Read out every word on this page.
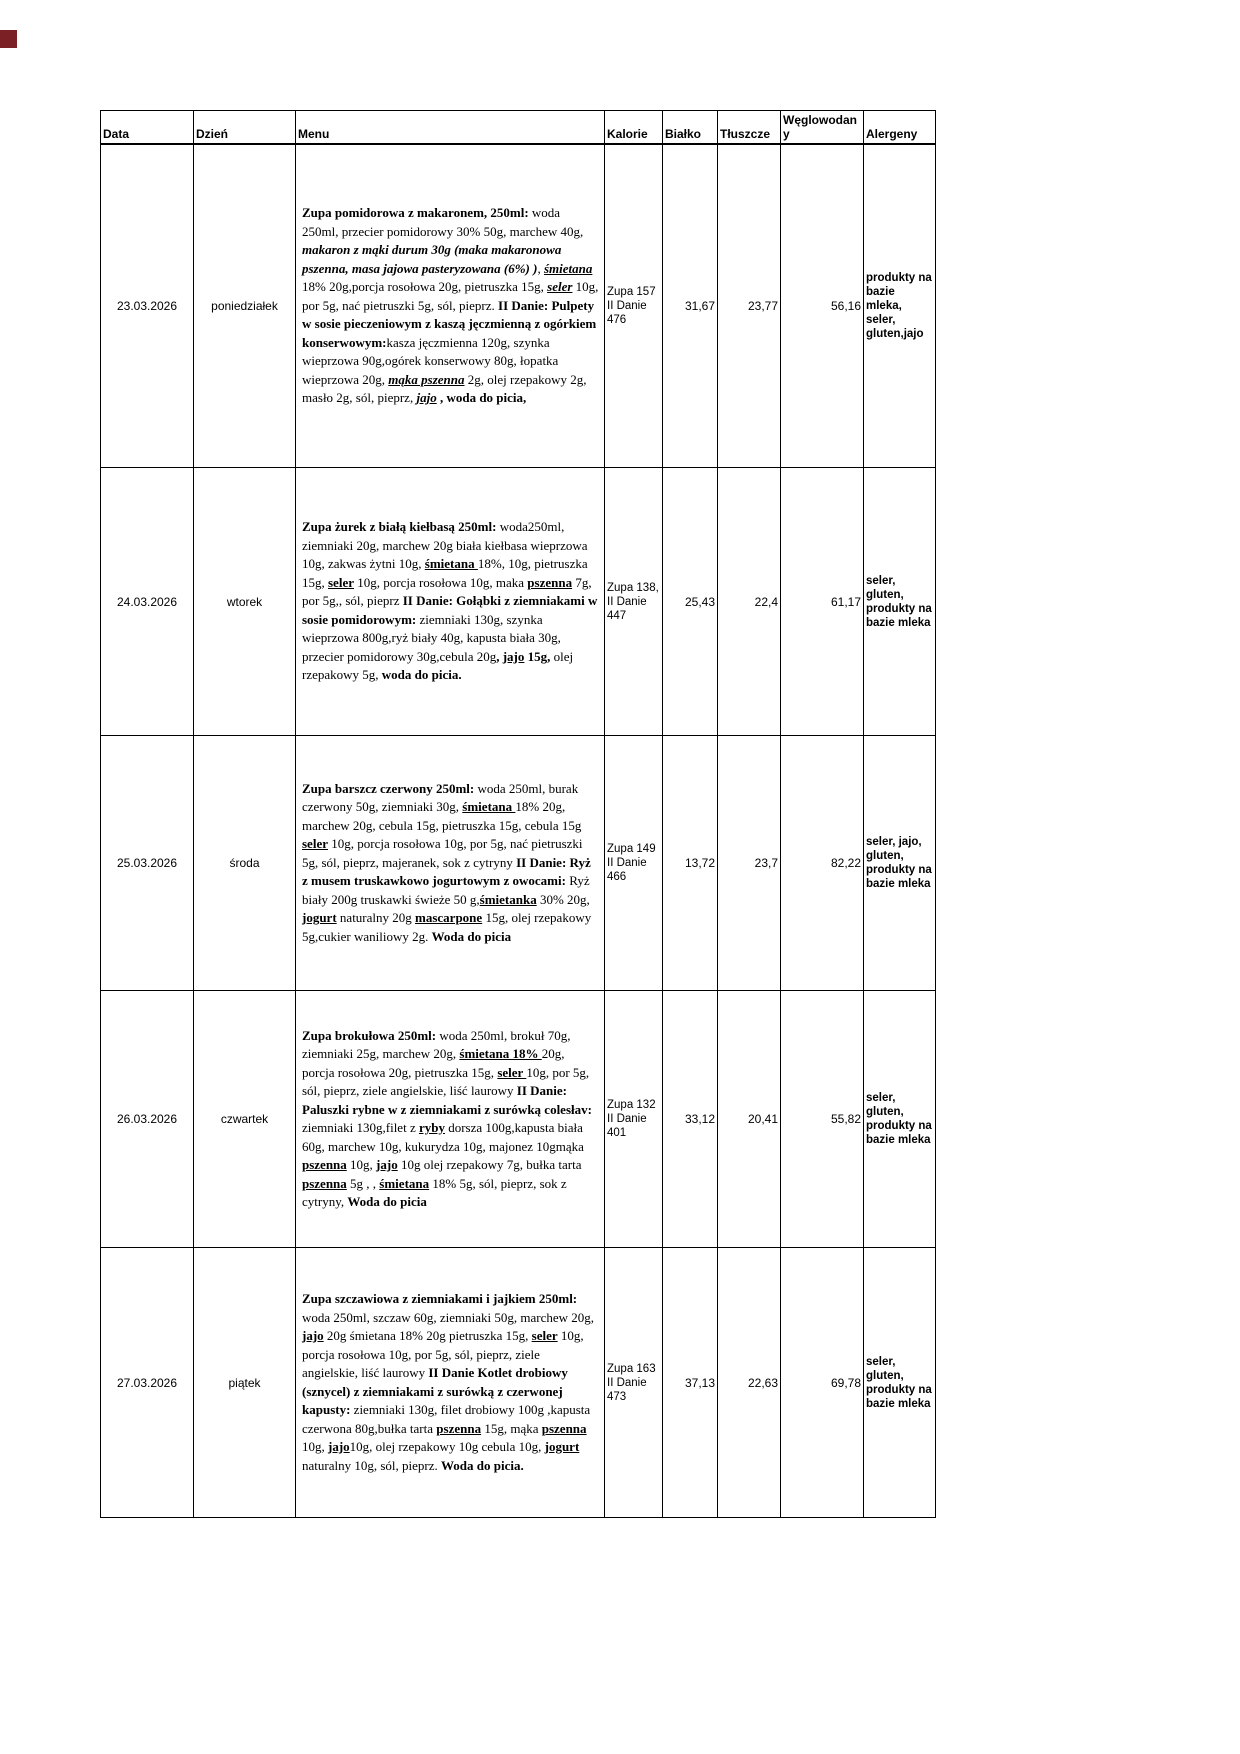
Data	Dzień	Menu	Kalorie	Białko	Tłuszcze	Węglowodany	Alergeny
23.03.2026	poniedziałek	Zupa pomidorowa z makaronem, 250ml: woda 250ml, przecier pomidorowy 30% 50g, marchew 40g, makaron z mąki durum 30g (maka makaronowa pszenna, masa jajowa pasteryzowana (6%) ), śmietana 18% 20g,porcja rosołowa 20g, pietruszka 15g, seler 10g, por 5g, nać pietruszki 5g, sól, pieprz. II Danie: Pulpety w sosie pieczeniowym z kaszą jęczmienną z ogórkiem konserwowym:kasza jęczmienna 120g, szynka wieprzowa 90g,ogórek konserwowy 80g, łopatka wieprzowa 20g, mąka pszenna 2g, olej rzepakowy 2g, masło 2g, sól, pieprz, jajo , woda do picia,	Zupa 157 II Danie 476	31,67	23,77	56,16	produkty na bazie mleka, seler, gluten,jajo
24.03.2026	wtorek	Zupa żurek z białą kiełbasą 250ml: woda250ml, ziemniaki 20g, marchew 20g biała kiełbasa wieprzowa 10g, zakwas żytni 10g, śmietana 18%, 10g, pietruszka 15g, seler 10g, porcja rosołowa 10g, maka pszenna 7g, por 5g,, sól, pieprz II Danie: Gołąbki z ziemniakami w sosie pomidorowym: ziemniaki 130g, szynka wieprzowa 800g,ryż biały 40g, kapusta biała 30g, przecier pomidorowy 30g,cebula 20g, jajo 15g, olej rzepakowy 5g, woda do picia.	Zupa 138, II Danie 447	25,43	22,4	61,17	seler, gluten, produkty na bazie mleka
25.03.2026	środa	Zupa barszcz czerwony 250ml: woda 250ml, burak czerwony 50g, ziemniaki 30g, śmietana 18% 20g, marchew 20g, cebula 15g, pietruszka 15g, cebula 15g seler 10g, porcja rosołowa 10g, por 5g, nać pietruszki 5g, sól, pieprz, majeranek, sok z cytryny II Danie: Ryż z musem truskawkowo jogurtowym z owocami: Ryż biały 200g truskawki świeże 50 g,śmietanka 30% 20g, jogurt naturalny 20g mascarpone 15g, olej rzepakowy 5g,cukier waniliowy 2g. Woda do picia	Zupa 149 II Danie 466	13,72	23,7	82,22	seler, jajo, gluten, produkty na bazie mleka
26.03.2026	czwartek	Zupa brokułowa 250ml: woda 250ml, brokuł 70g, ziemniaki 25g, marchew 20g, śmietana 18% 20g, porcja rosołowa 20g, pietruszka 15g, seler 10g, por 5g, sól, pieprz, ziele angielskie, liść laurowy II Danie: Paluszki rybne w z ziemniakami z surówką colesłav: ziemniaki 130g,filet z ryby dorsza 100g,kapusta biała 60g, marchew 10g, kukurydza 10g, majonez 10gmąka pszenna 10g, jajo 10g olej rzepakowy 7g, bułka tarta pszenna 5g , , śmietana 18% 5g, sól, pieprz, sok z cytryny, Woda do picia	Zupa 132 II Danie 401	33,12	20,41	55,82	seler, gluten, produkty na bazie mleka
27.03.2026	piątek	Zupa szczawiowa z ziemniakami i jajkiem 250ml: woda 250ml, szczaw 60g, ziemniaki 50g, marchew 20g, jajo 20g śmietana 18% 20g pietruszka 15g, seler 10g, porcja rosołowa 10g, por 5g, sól, pieprz, ziele angielskie, liść laurowy II Danie Kotlet drobiowy (sznycel) z ziemniakami z surówką z czerwonej kapusty: ziemniaki 130g, filet drobiowy 100g ,kapusta czerwona 80g,bułka tarta pszenna 15g, mąka pszenna 10g, jajo10g, olej rzepakowy 10g cebula 10g, jogurt naturalny 10g, sól, pieprz. Woda do picia.	Zupa 163 II Danie 473	37,13	22,63	69,78	seler, gluten, produkty na bazie mleka
